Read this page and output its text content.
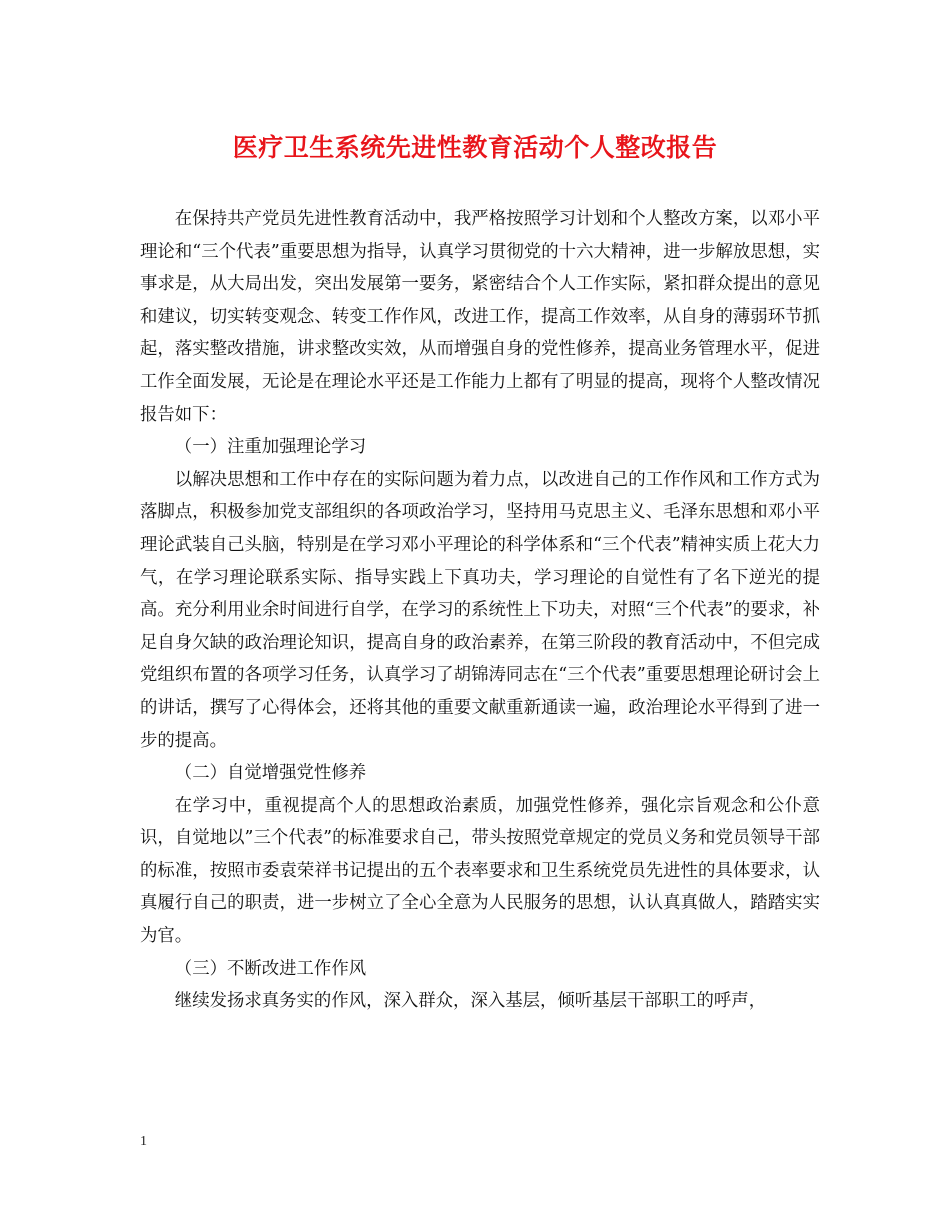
医疗卫生系统先进性教育活动个人整改报告

在保持共产党员先进性教育活动中，我严格按照学习计划和个人整改方案，以邓小平理论和“三个代表”重要思想为指导，认真学习贯彻党的十六大精神，进一步解放思想，实事求是，从大局出发，突出发展第一要务，紧密结合个人工作实际，紧扣群众提出的意见和建议，切实转变观念、转变工作作风，改进工作，提高工作效率，从自身的薄弱环节抓起，落实整改措施，讲求整改实效，从而增强自身的党性修养，提高业务管理水平，促进工作全面发展，无论是在理论水平还是工作能力上都有了明显的提高，现将个人整改情况报告如下：

（一）注重加强理论学习

以解决思想和工作中存在的实际问题为着力点，以改进自己的工作作风和工作方式为落脚点，积极参加党支部组织的各项政治学习，坚持用马克思主义、毛泽东思想和邓小平理论武装自己头脑，特别是在学习邓小平理论的科学体系和“三个代表”精神实质上花大力气，在学习理论联系实际、指导实践上下真功夫，学习理论的自觉性有了名下逆光的提高。充分利用业余时间进行自学，在学习的系统性上下功夫，对照“三个代表”的要求，补足自身欠缺的政治理论知识，提高自身的政治素养，在第三阶段的教育活动中，不但完成党组织布置的各项学习任务，认真学习了胡锦涛同志在“三个代表”重要思想理论研讨会上的讲话，撰写了心得体会，还将其他的重要文献重新通读一遍，政治理论水平得到了进一步的提高。

（二）自觉增强党性修养

在学习中，重视提高个人的思想政治素质，加强党性修养，强化宗旨观念和公仆意识，自觉地以”三个代表”的标准要求自己，带头按照党章规定的党员义务和党员领导干部的标准，按照市委袁荣祥书记提出的五个表率要求和卫生系统党员先进性的具体要求，认真履行自己的职责，进一步树立了全心全意为人民服务的思想，认认真真做人，踏踏实实为官。

（三）不断改进工作作风

继续发扬求真务实的作风，深入群众，深入基层，倾听基层干部职工的呼声，

1
